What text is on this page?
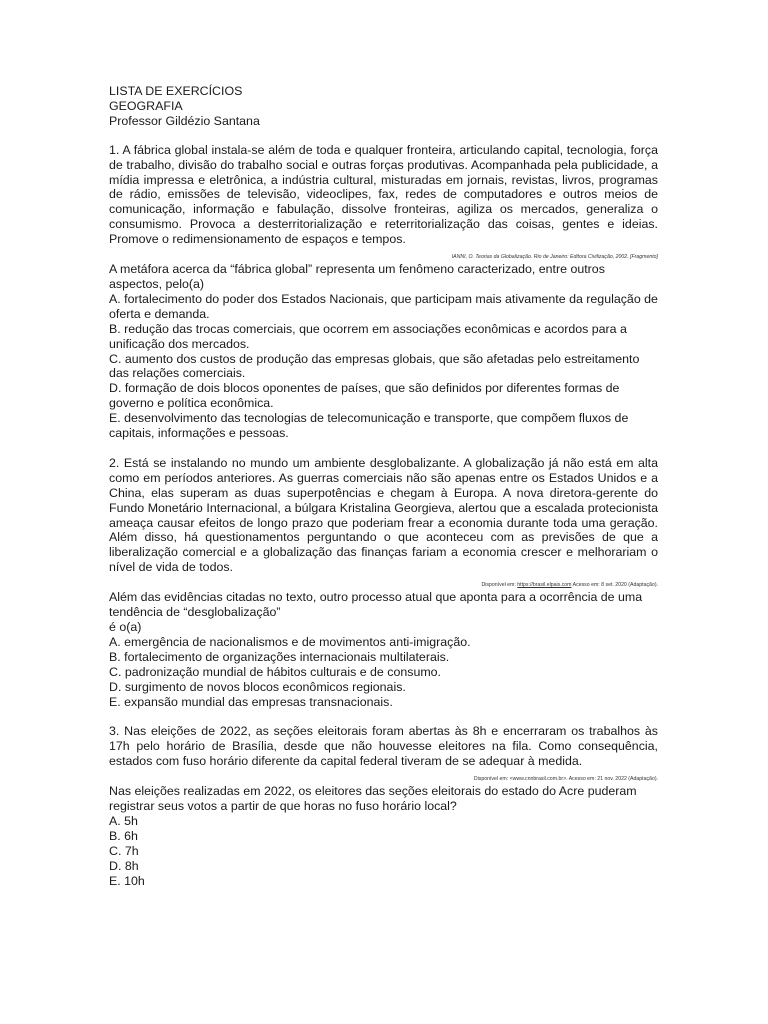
LISTA DE EXERCÍCIOS

GEOGRAFIA

Professor Gildézio Santana

1. A fábrica global instala-se além de toda e qualquer fronteira, articulando capital, tecnologia, força de trabalho, divisão do trabalho social e outras forças produtivas. Acompanhada pela publicidade, a mídia impressa e eletrônica, a indústria cultural, misturadas em jornais, revistas, livros, programas de rádio, emissões de televisão, videoclipes, fax, redes de computadores e outros meios de comunicação, informação e fabulação, dissolve fronteiras, agiliza os mercados, generaliza o consumismo. Provoca a desterritorialização e reterritorialização das coisas, gentes e ideias. Promove o redimensionamento de espaços e tempos.

IANNI, O. Teorias da Globalização. Rio de Janeiro: Editora Civilização, 2002. [Fragmento]

A metáfora acerca da “fábrica global” representa um fenômeno caracterizado, entre outros aspectos, pelo(a)

A. fortalecimento do poder dos Estados Nacionais, que participam mais ativamente da regulação de oferta e demanda.

B. redução das trocas comerciais, que ocorrem em associações econômicas e acordos para a unificação dos mercados.

C. aumento dos custos de produção das empresas globais, que são afetadas pelo estreitamento das relações comerciais.

D. formação de dois blocos oponentes de países, que são definidos por diferentes formas de governo e política econômica.

E. desenvolvimento das tecnologias de telecomunicação e transporte, que compõem fluxos de capitais, informações e pessoas.

2. Está se instalando no mundo um ambiente desglobalizante. A globalização já não está em alta como em períodos anteriores. As guerras comerciais não são apenas entre os Estados Unidos e a China, elas superam as duas superpotências e chegam à Europa. A nova diretora-gerente do Fundo Monetário Internacional, a búlgara Kristalina Georgieva, alertou que a escalada protecionista ameaça causar efeitos de longo prazo que poderiam frear a economia durante toda uma geração. Além disso, há questionamentos perguntando o que aconteceu com as previsões de que a liberalização comercial e a globalização das finanças fariam a economia crescer e melhorariam o nível de vida de todos.

Disponível em: https://brasil.elpais.com Acesso em: 8 set. 2020 (Adaptação).

Além das evidências citadas no texto, outro processo atual que aponta para a ocorrência de uma tendência de “desglobalização”

é o(a)

A. emergência de nacionalismos e de movimentos anti-imigração.

B. fortalecimento de organizações internacionais multilaterais.

C. padronização mundial de hábitos culturais e de consumo.

D. surgimento de novos blocos econômicos regionais.

E. expansão mundial das empresas transnacionais.

3. Nas eleições de 2022, as seções eleitorais foram abertas às 8h e encerraram os trabalhos às 17h pelo horário de Brasília, desde que não houvesse eleitores na fila. Como consequência, estados com fuso horário diferente da capital federal tiveram de se adequar à medida.

Disponível em: <www.cnnbrasil.com.br>. Acesso em: 21 nov. 2022 (Adaptação).

Nas eleições realizadas em 2022, os eleitores das seções eleitorais do estado do Acre puderam registrar seus votos a partir de que horas no fuso horário local?

A. 5h

B. 6h

C. 7h

D. 8h

E. 10h
